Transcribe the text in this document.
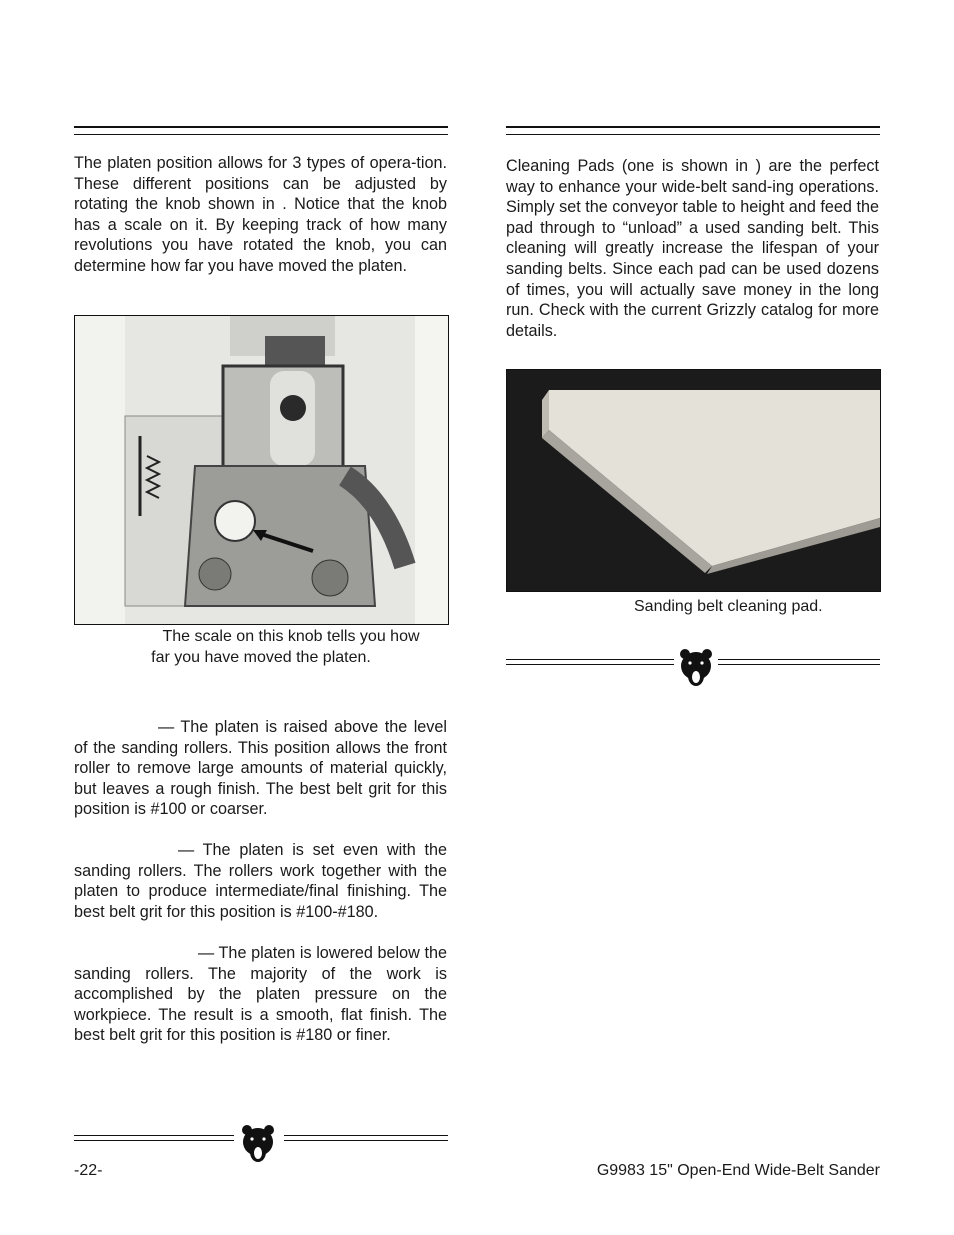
The platen position allows for 3 types of opera-tion. These different positions can be adjusted by rotating the knob shown in . Notice that the knob has a scale on it. By keeping track of how many revolutions you have rotated the knob, you can determine how far you have moved the platen.

The scale on this knob tells you how
far you have moved the platen.

— The platen is raised above the level of the sanding rollers. This position allows the front roller to remove large amounts of material quickly, but leaves a rough finish. The best belt grit for this position is #100 or coarser.

— The platen is set even with the sanding rollers. The rollers work together with the platen to produce intermediate/final finishing. The best belt grit for this position is #100-#180.

— The platen is lowered below the sanding rollers. The majority of the work is accomplished by the platen pressure on the workpiece. The result is a smooth, flat finish. The best belt grit for this position is #180 or finer.

Cleaning Pads (one is shown in ) are the perfect way to enhance your wide-belt sand-ing operations. Simply set the conveyor table to height and feed the pad through to “unload” a used sanding belt. This cleaning will greatly increase the lifespan of your sanding belts. Since each pad can be used dozens of times, you will actually save money in the long run. Check with the current Grizzly catalog for more details.

Sanding belt cleaning pad.
-22-	G9983 15" Open-End Wide-Belt Sander
